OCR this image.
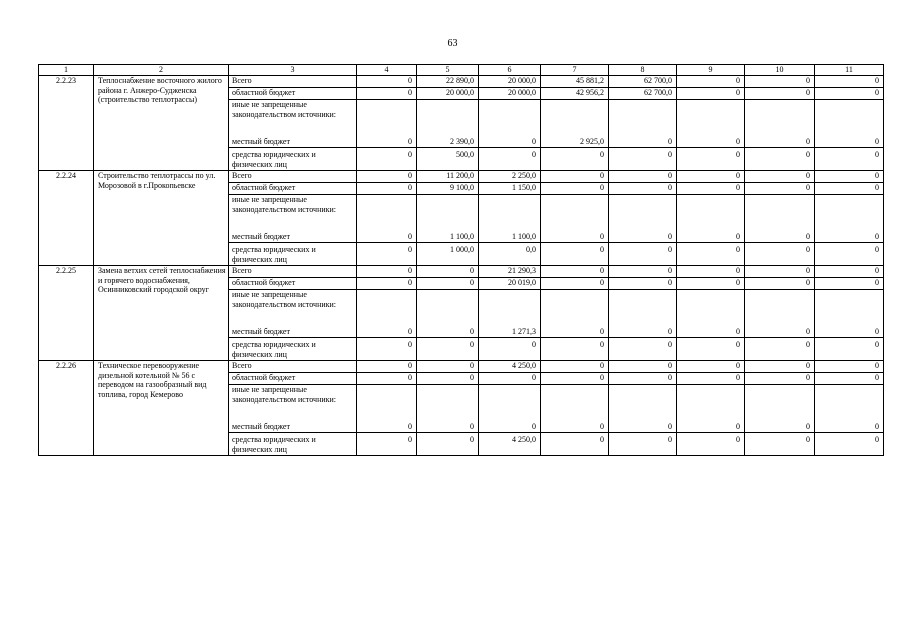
63
1	2	3	4	5	6	7	8	9	10	11
2.2.23	Теплоснабжение восточного жилого района г. Анжеро-Судженска (строительство теплотрассы)	Всего	0	22 890,0	20 000,0	45 881,2	62 700,0	0	0	0
		областной бюджет	0	20 000,0	20 000,0	42 956,2	62 700,0	0	0	0
		иные не запрещенные законодательством источники:								
		местный бюджет	0	2 390,0	0	2 925,0	0	0	0	0
		средства юридических и физических лиц	0	500,0	0	0	0	0	0	0
2.2.24	Строительство теплотрассы по ул. Морозовой в г.Прокопьевске	Всего	0	11 200,0	2 250,0	0	0	0	0	0
		областной бюджет	0	9 100,0	1 150,0	0	0	0	0	0
		иные не запрещенные законодательством источники:								
		местный бюджет	0	1 100,0	1 100,0	0	0	0	0	0
		средства юридических и физических лиц	0	1 000,0	0,0	0	0	0	0	0
2.2.25	Замена ветхих сетей теплоснабжения и горячего водоснабжения, Осинниковский городской округ	Всего	0	0	21 290,3	0	0	0	0	0
		областной бюджет	0	0	20 019,0	0	0	0	0	0
		иные не запрещенные законодательством источники:								
		местный бюджет	0	0	1 271,3	0	0	0	0	0
		средства юридических и физических лиц	0	0	0	0	0	0	0	0
2.2.26	Техническое перевооружение дизельной котельной № 56 с переводом на газообразный вид топлива, город Кемерово	Всего	0	0	4 250,0	0	0	0	0	0
		областной бюджет	0	0	0	0	0	0	0	0
		иные не запрещенные законодательством источники:								
		местный бюджет	0	0	0	0	0	0	0	0
		средства юридических и физических лиц	0	0	4 250,0	0	0	0	0	0
